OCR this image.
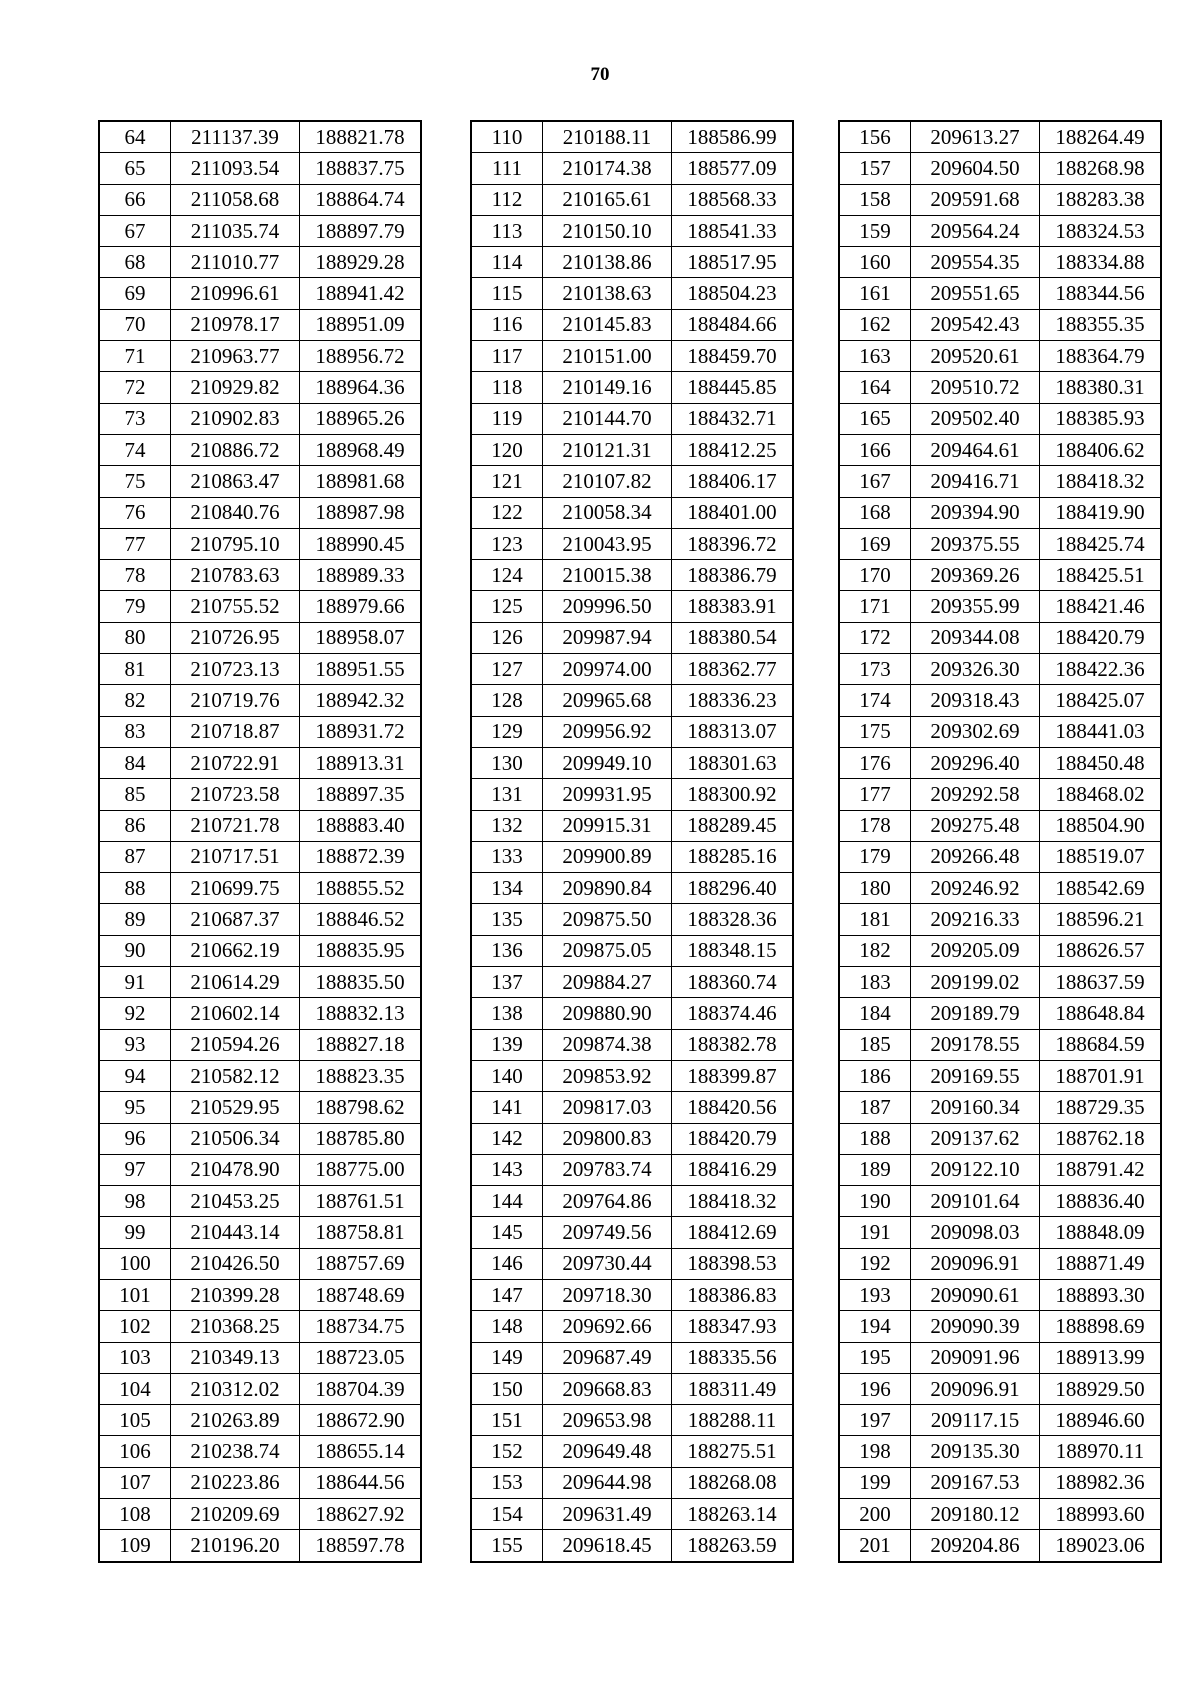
70
64	211137.39	188821.78
65	211093.54	188837.75
66	211058.68	188864.74
67	211035.74	188897.79
68	211010.77	188929.28
69	210996.61	188941.42
70	210978.17	188951.09
71	210963.77	188956.72
72	210929.82	188964.36
73	210902.83	188965.26
74	210886.72	188968.49
75	210863.47	188981.68
76	210840.76	188987.98
77	210795.10	188990.45
78	210783.63	188989.33
79	210755.52	188979.66
80	210726.95	188958.07
81	210723.13	188951.55
82	210719.76	188942.32
83	210718.87	188931.72
84	210722.91	188913.31
85	210723.58	188897.35
86	210721.78	188883.40
87	210717.51	188872.39
88	210699.75	188855.52
89	210687.37	188846.52
90	210662.19	188835.95
91	210614.29	188835.50
92	210602.14	188832.13
93	210594.26	188827.18
94	210582.12	188823.35
95	210529.95	188798.62
96	210506.34	188785.80
97	210478.90	188775.00
98	210453.25	188761.51
99	210443.14	188758.81
100	210426.50	188757.69
101	210399.28	188748.69
102	210368.25	188734.75
103	210349.13	188723.05
104	210312.02	188704.39
105	210263.89	188672.90
106	210238.74	188655.14
107	210223.86	188644.56
108	210209.69	188627.92
109	210196.20	188597.78
110	210188.11	188586.99
111	210174.38	188577.09
112	210165.61	188568.33
113	210150.10	188541.33
114	210138.86	188517.95
115	210138.63	188504.23
116	210145.83	188484.66
117	210151.00	188459.70
118	210149.16	188445.85
119	210144.70	188432.71
120	210121.31	188412.25
121	210107.82	188406.17
122	210058.34	188401.00
123	210043.95	188396.72
124	210015.38	188386.79
125	209996.50	188383.91
126	209987.94	188380.54
127	209974.00	188362.77
128	209965.68	188336.23
129	209956.92	188313.07
130	209949.10	188301.63
131	209931.95	188300.92
132	209915.31	188289.45
133	209900.89	188285.16
134	209890.84	188296.40
135	209875.50	188328.36
136	209875.05	188348.15
137	209884.27	188360.74
138	209880.90	188374.46
139	209874.38	188382.78
140	209853.92	188399.87
141	209817.03	188420.56
142	209800.83	188420.79
143	209783.74	188416.29
144	209764.86	188418.32
145	209749.56	188412.69
146	209730.44	188398.53
147	209718.30	188386.83
148	209692.66	188347.93
149	209687.49	188335.56
150	209668.83	188311.49
151	209653.98	188288.11
152	209649.48	188275.51
153	209644.98	188268.08
154	209631.49	188263.14
155	209618.45	188263.59
156	209613.27	188264.49
157	209604.50	188268.98
158	209591.68	188283.38
159	209564.24	188324.53
160	209554.35	188334.88
161	209551.65	188344.56
162	209542.43	188355.35
163	209520.61	188364.79
164	209510.72	188380.31
165	209502.40	188385.93
166	209464.61	188406.62
167	209416.71	188418.32
168	209394.90	188419.90
169	209375.55	188425.74
170	209369.26	188425.51
171	209355.99	188421.46
172	209344.08	188420.79
173	209326.30	188422.36
174	209318.43	188425.07
175	209302.69	188441.03
176	209296.40	188450.48
177	209292.58	188468.02
178	209275.48	188504.90
179	209266.48	188519.07
180	209246.92	188542.69
181	209216.33	188596.21
182	209205.09	188626.57
183	209199.02	188637.59
184	209189.79	188648.84
185	209178.55	188684.59
186	209169.55	188701.91
187	209160.34	188729.35
188	209137.62	188762.18
189	209122.10	188791.42
190	209101.64	188836.40
191	209098.03	188848.09
192	209096.91	188871.49
193	209090.61	188893.30
194	209090.39	188898.69
195	209091.96	188913.99
196	209096.91	188929.50
197	209117.15	188946.60
198	209135.30	188970.11
199	209167.53	188982.36
200	209180.12	188993.60
201	209204.86	189023.06
